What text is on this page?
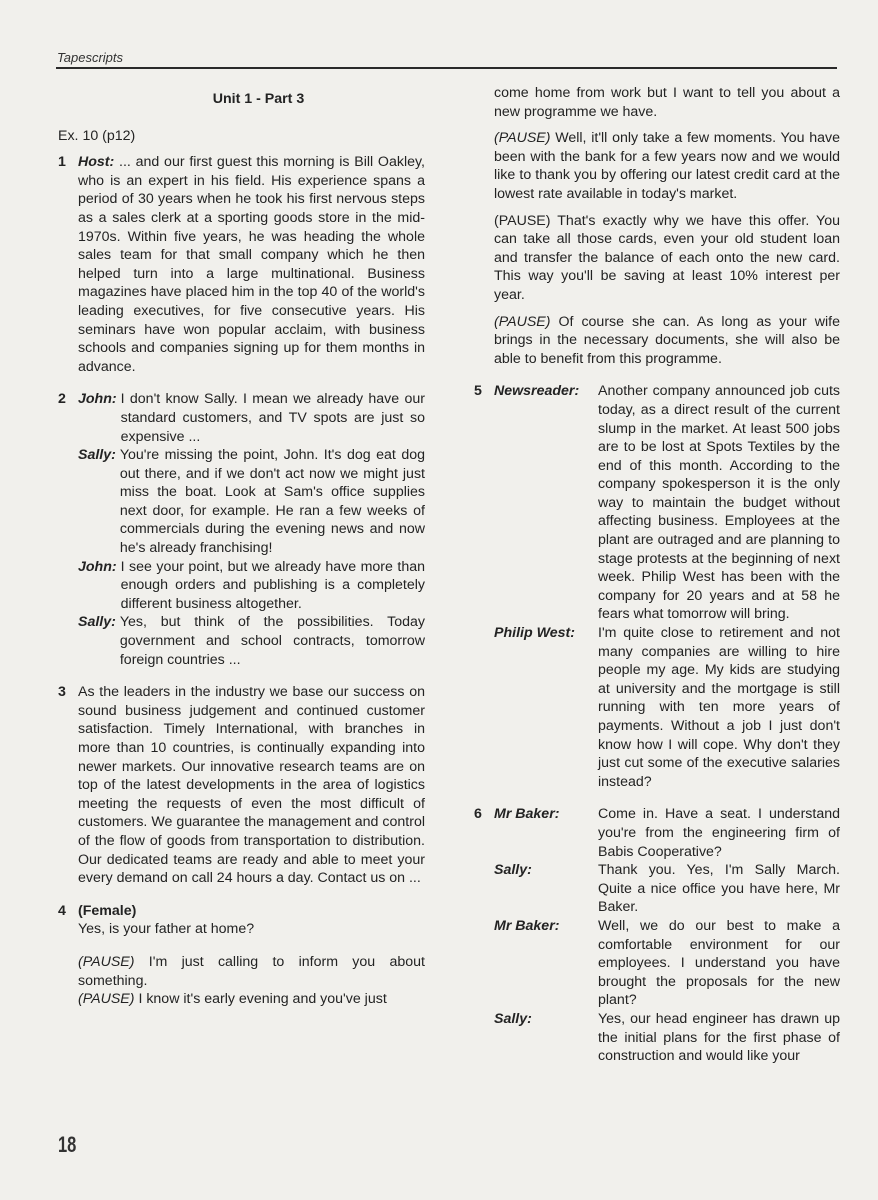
Tapescripts

Unit 1 - Part 3

Ex. 10 (p12)

1 Host: ... and our first guest this morning is Bill Oakley, who is an expert in his field. His experience spans a period of 30 years when he took his first nervous steps as a sales clerk at a sporting goods store in the mid-1970s. Within five years, he was heading the whole sales team for that small company which he then helped turn into a large multinational. Business magazines have placed him in the top 40 of the world's leading executives, for five consecutive years. His seminars have won popular acclaim, with business schools and companies signing up for them months in advance.
2 John: I don't know Sally. I mean we already have our standard customers, and TV spots are just so expensive ...
Sally: You're missing the point, John. It's dog eat dog out there, and if we don't act now we might just miss the boat. Look at Sam's office supplies next door, for example. He ran a few weeks of commercials during the evening news and now he's already franchising!
John: I see your point, but we already have more than enough orders and publishing is a completely different business altogether.
Sally: Yes, but think of the possibilities. Today government and school contracts, tomorrow foreign countries ...
3 As the leaders in the industry we base our success on sound business judgement and continued customer satisfaction. Timely International, with branches in more than 10 countries, is continually expanding into newer markets. Our innovative research teams are on top of the latest developments in the area of logistics meeting the requests of even the most difficult of customers. We guarantee the management and control of the flow of goods from transportation to distribution. Our dedicated teams are ready and able to meet your every demand on call 24 hours a day. Contact us on ...
4 (Female)

Yes, is your father at home?

(PAUSE) I'm just calling to inform you about something.

(PAUSE) I know it's early evening and you've just

come home from work but I want to tell you about a new programme we have.

(PAUSE) Well, it'll only take a few moments. You have been with the bank for a few years now and we would like to thank you by offering our latest credit card at the lowest rate available in today's market.

(PAUSE) That's exactly why we have this offer. You can take all those cards, even your old student loan and transfer the balance of each onto the new card. This way you'll be saving at least 10% interest per year.

(PAUSE) Of course she can. As long as your wife brings in the necessary documents, she will also be able to benefit from this programme.

5 Newsreader:	Another company announced job cuts today, as a direct result of the current slump in the market. At least 500 jobs are to be lost at Spots Textiles by the end of this month. According to the company spokesperson it is the only way to maintain the budget without affecting business. Employees at the plant are outraged and are planning to stage protests at the beginning of next week. Philip West has been with the company for 20 years and at 58 he fears what tomorrow will bring.
Philip West:	I'm quite close to retirement and not many companies are willing to hire people my age. My kids are studying at university and the mortgage is still running with ten more years of payments. Without a job I just don't know how I will cope. Why don't they just cut some of the executive salaries instead?
6 Mr Baker:	Come in. Have a seat. I understand you're from the engineering firm of Babis Cooperative?
Sally:	Thank you. Yes, I'm Sally March. Quite a nice office you have here, Mr Baker.
Mr Baker:	Well, we do our best to make a comfortable environment for our employees. I understand you have brought the proposals for the new plant?
Sally:	Yes, our head engineer has drawn up the initial plans for the first phase of construction and would like your
18
